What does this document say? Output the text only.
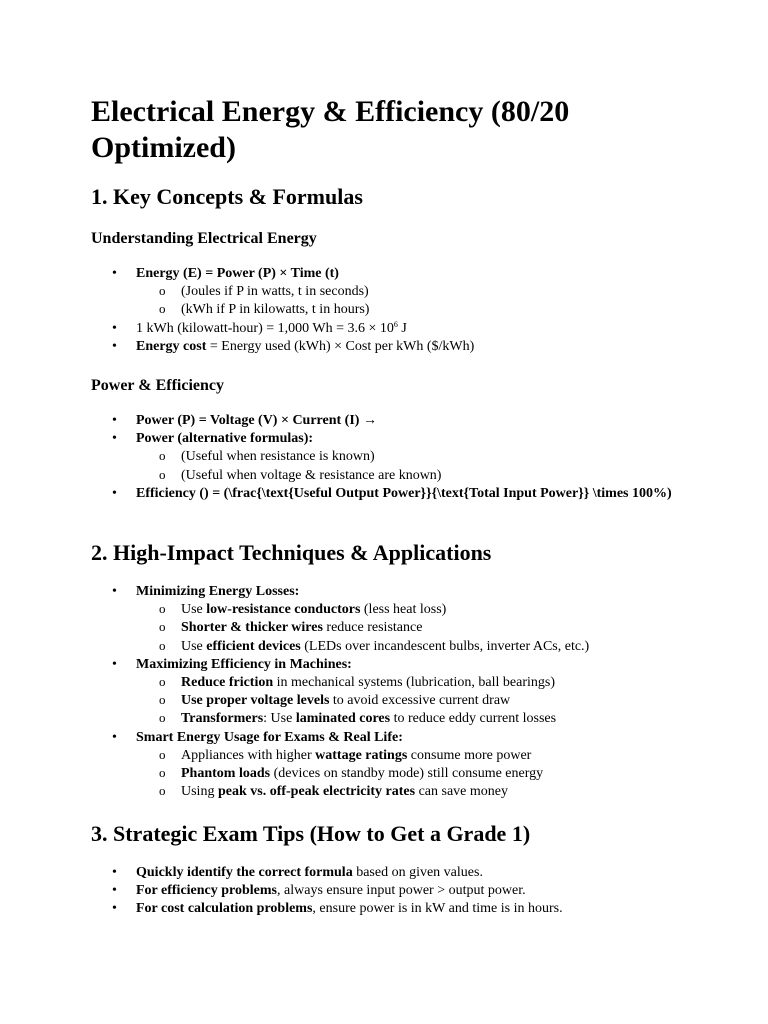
Electrical Energy & Efficiency (80/20 Optimized)
1. Key Concepts & Formulas
Understanding Electrical Energy
• Energy (E) = Power (P) × Time (t)
o (Joules if P in watts, t in seconds)
o (kWh if P in kilowatts, t in hours)
• 1 kWh (kilowatt-hour) = 1,000 $Wh = 3.6 \times 10^6$ J
• Energy cost = Energy used (kWh) × Cost per kWh ($/kWh)
Power & Efficiency
• Power (P) = Voltage (V) × Current (I) →
• Power (alternative formulas):
o (Useful when resistance is known)
o (Useful when voltage & resistance are known)
• Efficiency () = (\frac{\text{Useful Output Power}}{\text{Total Input Power}} \times 100%)
2. High-Impact Techniques & Applications
• Minimizing Energy Losses:
o Use low-resistance conductors (less heat loss)
o Shorter & thicker wires reduce resistance
o Use efficient devices (LEDs over incandescent bulbs, inverter ACs, etc.)
• Maximizing Efficiency in Machines:
o Reduce friction in mechanical systems (lubrication, ball bearings)
o Use proper voltage levels to avoid excessive current draw
o Transformers: Use laminated cores to reduce eddy current losses
• Smart Energy Usage for Exams & Real Life:
o Appliances with higher wattage ratings consume more power
o Phantom loads (devices on standby mode) still consume energy
o Using peak vs. off-peak electricity rates can save money
3. Strategic Exam Tips (How to Get a Grade 1)
• Quickly identify the correct formula based on given values.
• For efficiency problems, always ensure input power > output power.
• For cost calculation problems, ensure power is in kW and time is in hours.
